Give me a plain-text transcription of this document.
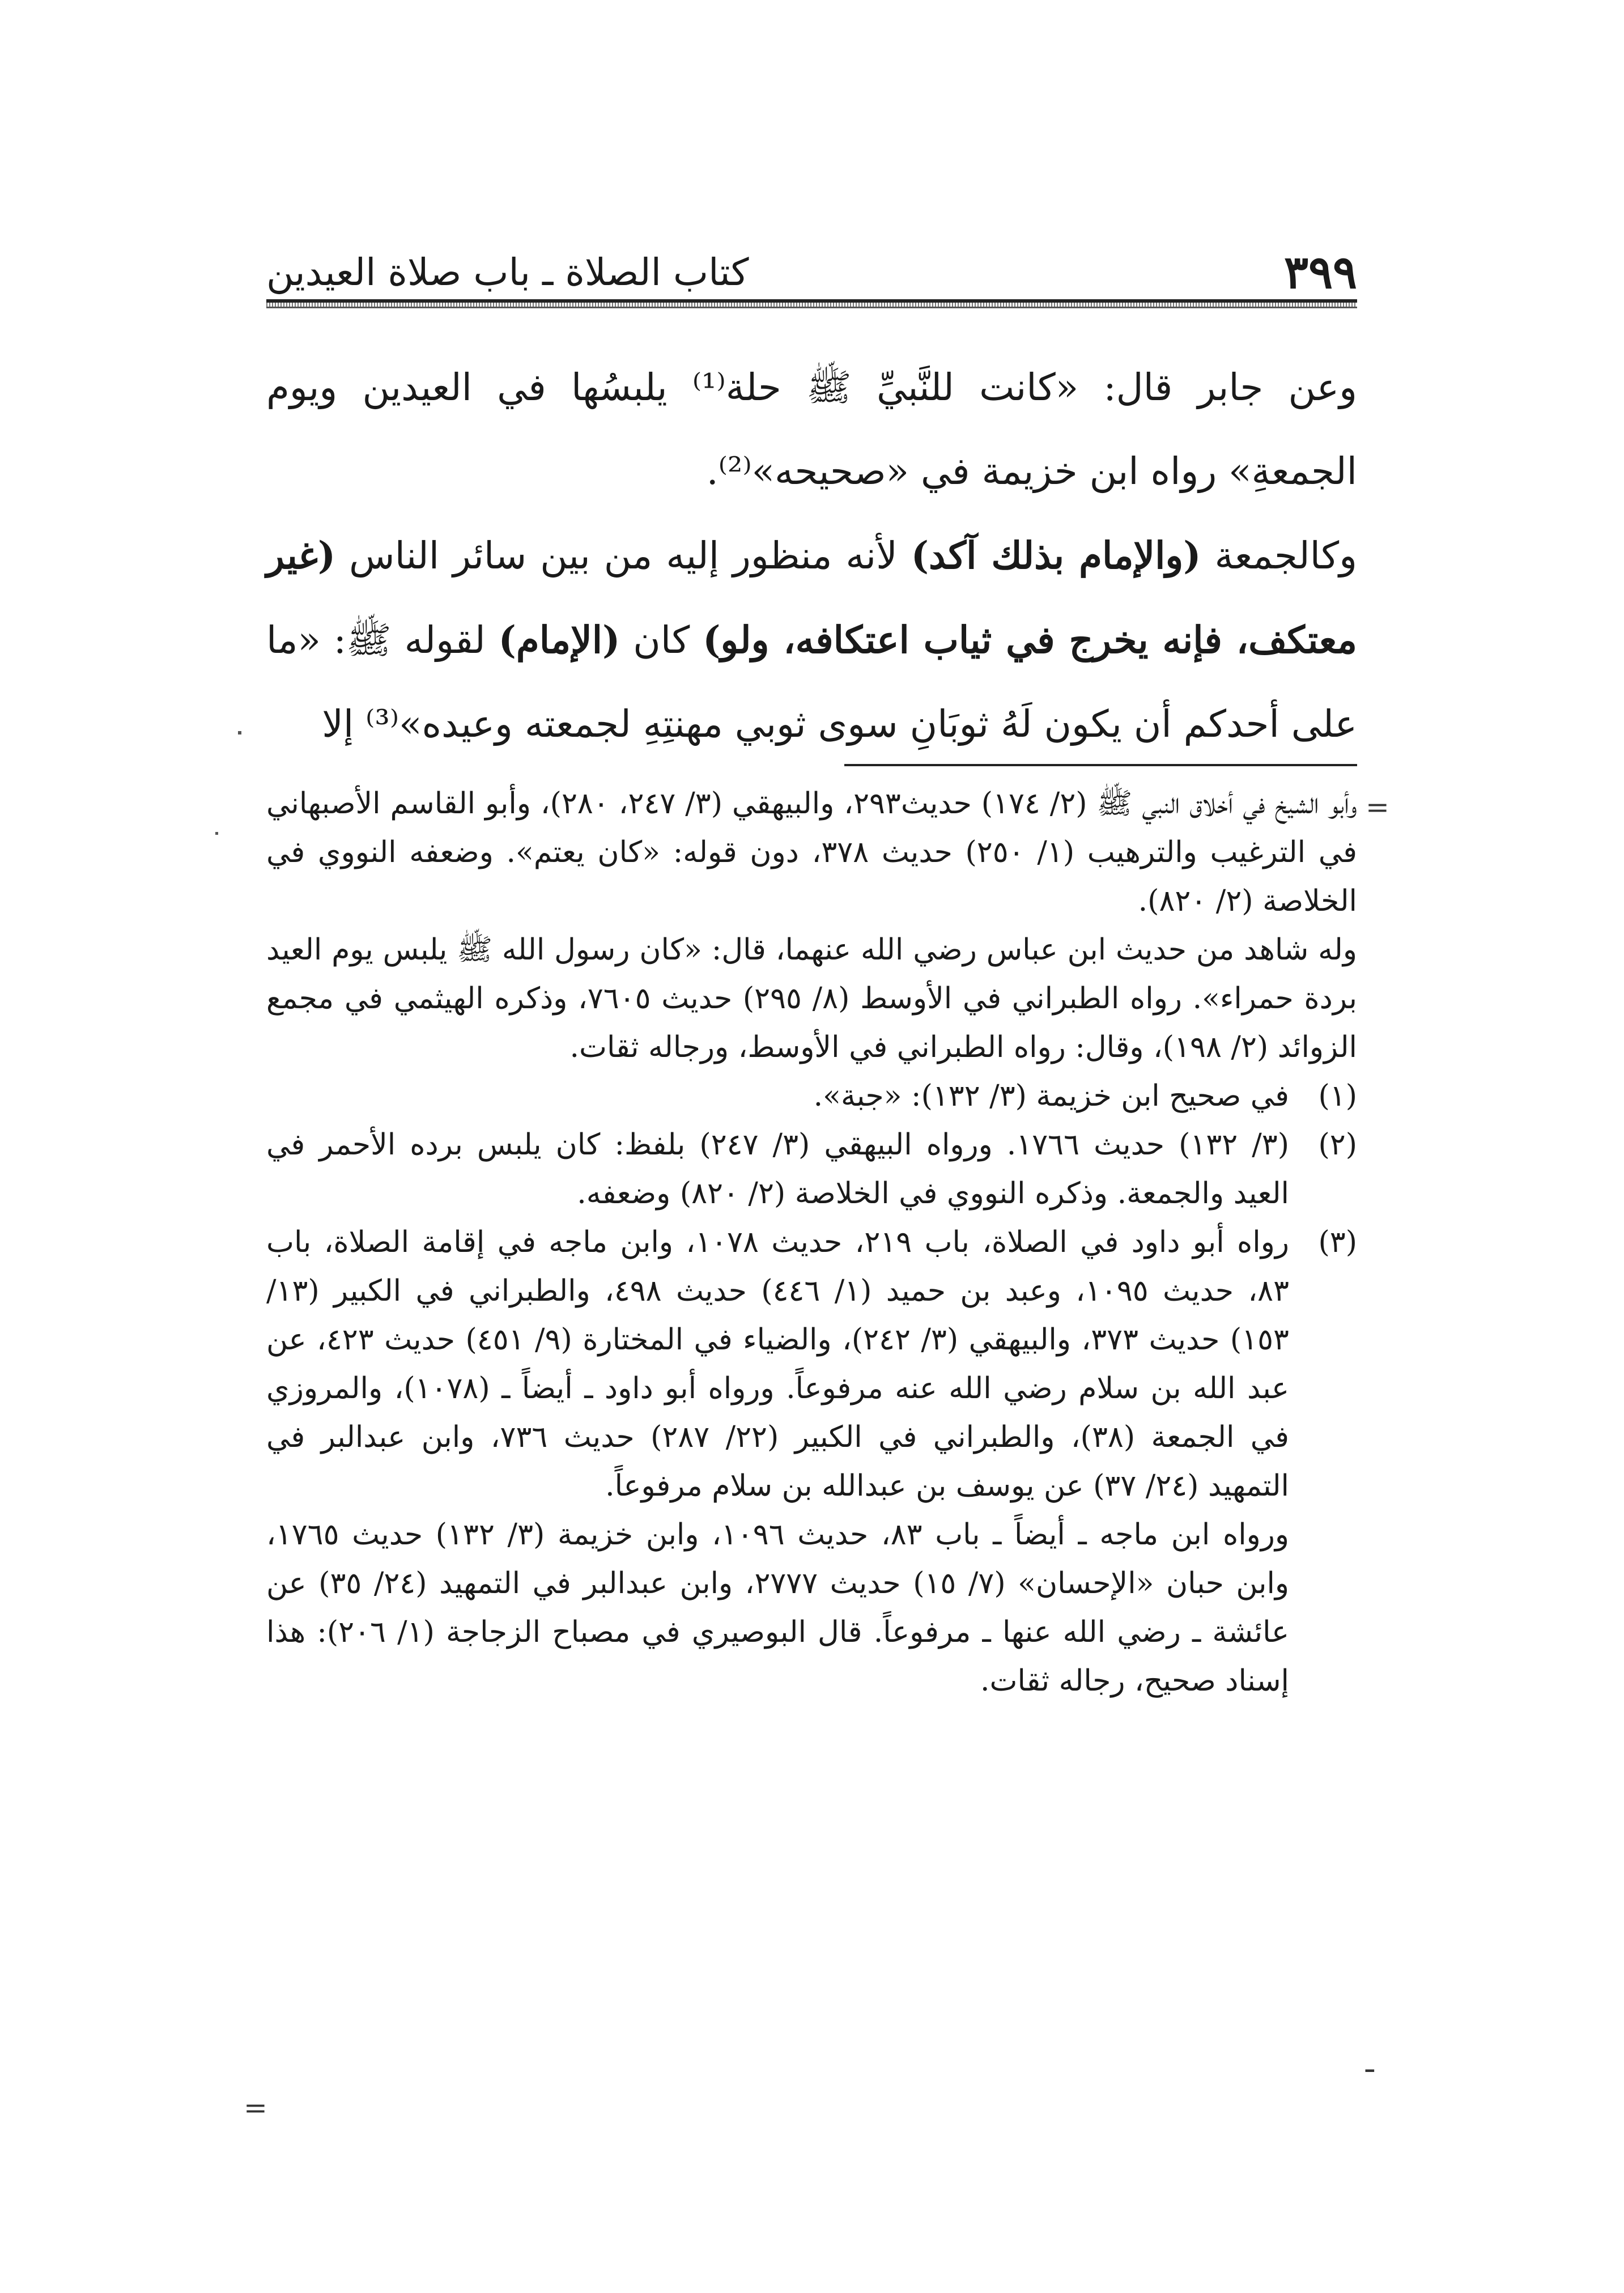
٣٩٩
كتاب الصلاة ـ باب صلاة العيدين

وعن جابر قال: «كانت للنَّبيِّ ﷺ حلة⁽¹⁾ يلبسُها في العيدين ويوم الجمعةِ» رواه ابن خزيمة في «صحيحه»⁽²⁾.

وكالجمعة (والإمام بذلك آكد) لأنه منظور إليه من بين سائر الناس (غير معتكف، فإنه يخرج في ثياب اعتكافه، ولو) كان (الإمام) لقوله ﷺ: «ما على أحدكم أن يكون لَهُ ثوبَانِ سوى ثوبي مهنتِهِ لجمعته وعيده»⁽³⁾ إلا

=
ـ
=

وأبو الشيخ في أخلاق النبي ﷺ (٢/ ١٧٤) حديث٢٩٣، والبيهقي (٣/ ٢٤٧، ٢٨٠)، وأبو القاسم الأصبهاني في الترغيب والترهيب (١/ ٢٥٠) حديث ٣٧٨، دون قوله: «كان يعتم». وضعفه النووي في الخلاصة (٢/ ٨٢٠).

وله شاهد من حديث ابن عباس رضي الله عنهما، قال: «كان رسول الله ﷺ يلبس يوم العيد بردة حمراء». رواه الطبراني في الأوسط (٨/ ٢٩٥) حديث ٧٦٠٥، وذكره الهيثمي في مجمع الزوائد (٢/ ١٩٨)، وقال: رواه الطبراني في الأوسط، ورجاله ثقات.

(١)
في صحيح ابن خزيمة (٣/ ١٣٢): «جبة».
(٢)
(٣/ ١٣٢) حديث ١٧٦٦. ورواه البيهقي (٣/ ٢٤٧) بلفظ: كان يلبس برده الأحمر في العيد والجمعة. وذكره النووي في الخلاصة (٢/ ٨٢٠) وضعفه.
(٣)
رواه أبو داود في الصلاة، باب ٢١٩، حديث ١٠٧٨، وابن ماجه في إقامة الصلاة، باب ٨٣، حديث ١٠٩٥، وعبد بن حميد (١/ ٤٤٦) حديث ٤٩٨، والطبراني في الكبير (١٣/ ١٥٣) حديث ٣٧٣، والبيهقي (٣/ ٢٤٢)، والضياء في المختارة (٩/ ٤٥١) حديث ٤٢٣، عن عبد الله بن سلام رضي الله عنه مرفوعاً. ورواه أبو داود ـ أيضاً ـ (١٠٧٨)، والمروزي في الجمعة (٣٨)، والطبراني في الكبير (٢٢/ ٢٨٧) حديث ٧٣٦، وابن عبدالبر في التمهيد (٢٤/ ٣٧) عن يوسف بن عبدالله بن سلام مرفوعاً.
ورواه ابن ماجه ـ أيضاً ـ باب ٨٣، حديث ١٠٩٦، وابن خزيمة (٣/ ١٣٢) حديث ١٧٦٥، وابن حبان «الإحسان» (٧/ ١٥) حديث ٢٧٧٧، وابن عبدالبر في التمهيد (٢٤/ ٣٥) عن عائشة ـ رضي الله عنها ـ مرفوعاً. قال البوصيري في مصباح الزجاجة (١/ ٢٠٦): هذا إسناد صحيح، رجاله ثقات.
